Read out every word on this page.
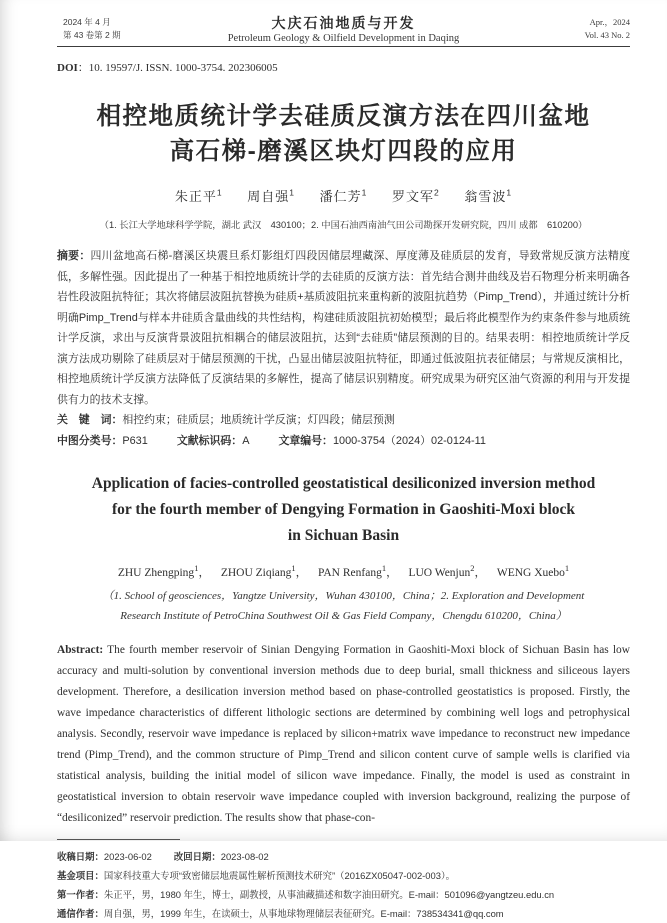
2024 年 4 月
第 43 卷第 2 期
大庆石油地质与开发
Petroleum Geology & Oilfield Development in Daqing
Apr.，2024
Vol. 43 No. 2
DOI：10. 19597/J. ISSN. 1000-3754. 202306005
相控地质统计学去硅质反演方法在四川盆地
高石梯-磨溪区块灯四段的应用
朱正平$^1$ 周自强$^1$ 潘仁芳$^1$ 罗文军$^2$ 翁雪波$^1$
（1. 长江大学地球科学学院，湖北 武汉　430100；2. 中国石油西南油气田公司勘探开发研究院，四川 成都　610200）
摘要：四川盆地高石梯-磨溪区块震旦系灯影组灯四段因储层埋藏深、厚度薄及硅质层的发育，导致常规反演方法精度低，多解性强。因此提出了一种基于相控地质统计学的去硅质的反演方法：首先结合测井曲线及岩石物理分析来明确各岩性段波阻抗特征；其次将储层波阻抗替换为硅质+基质波阻抗来重构新的波阻抗趋势（Pimp_Trend），并通过统计分析明确Pimp_Trend与样本井硅质含量曲线的共性结构，构建硅质波阻抗初始模型；最后将此模型作为约束条件参与地质统计学反演，求出与反演背景波阻抗相耦合的储层波阻抗，达到“去硅质”储层预测的目的。结果表明：相控地质统计学反演方法成功剔除了硅质层对于储层预测的干扰，凸显出储层波阻抗特征，即通过低波阻抗表征储层；与常规反演相比，相控地质统计学反演方法降低了反演结果的多解性，提高了储层识别精度。研究成果为研究区油气资源的利用与开发提供有力的技术支撑。
关　键　词：相控约束；硅质层；地质统计学反演；灯四段；储层预测
中图分类号：P631	文献标识码：A	文章编号：1000-3754（2024）02-0124-11
Application of facies-controlled geostatistical desiliconized inversion method
for the fourth member of Dengying Formation in Gaoshiti-Moxi block
in Sichuan Basin
ZHU Zhengping$^1$， ZHOU Ziqiang$^1$， PAN Renfang$^1$， LUO Wenjun$^2$， WENG Xuebo$^1$
（1. School of geosciences，Yangtze University，Wuhan 430100，China；2. Exploration and Development
Research Institute of PetroChina Southwest Oil & Gas Field Company，Chengdu 610200，China）
Abstract: The fourth member reservoir of Sinian Dengying Formation in Gaoshiti-Moxi block of Sichuan Basin has low accuracy and multi-solution by conventional inversion methods due to deep burial, small thickness and siliceous layers development. Therefore, a desilication inversion method based on phase-controlled geostatistics is proposed. Firstly, the wave impedance characteristics of different lithologic sections are determined by combining well logs and petrophysical analysis. Secondly, reservoir wave impedance is replaced by silicon+matrix wave impedance to reconstruct new impedance trend (Pimp_Trend), and the common structure of Pimp_Trend and silicon content curve of sample wells is clarified via statistical analysis, building the initial model of silicon wave impedance. Finally, the model is used as constraint in geostatistical inversion to obtain reservoir wave impedance coupled with inversion background, realizing the purpose of “desiliconized” reservoir prediction. The results show that phase-con-
收稿日期：2023-06-02 改回日期：2023-08-02
基金项目：国家科技重大专项“致密储层地震属性解析预测技术研究”（2016ZX05047-002-003）。
第一作者：朱正平，男，1980 年生，博士，副教授，从事油藏描述和数字油田研究。E-mail：501096@yangtzeu.edu.cn
通信作者：周自强，男，1999 年生，在读硕士，从事地球物理储层表征研究。E-mail：738534341@qq.com
